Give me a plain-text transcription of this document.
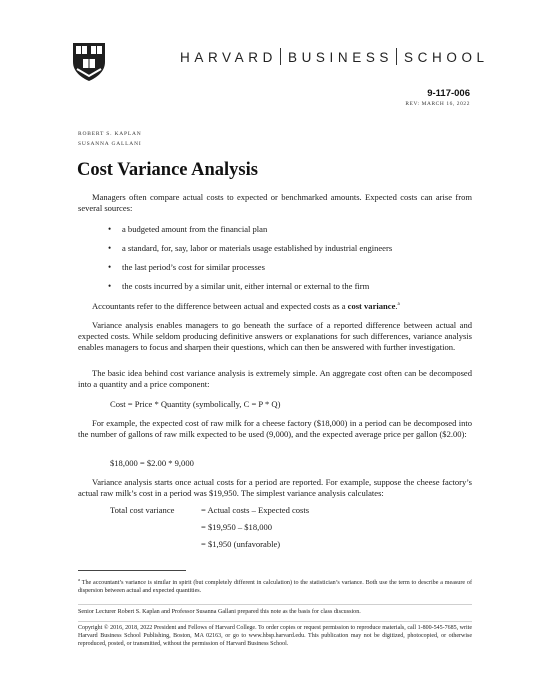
HARVARD BUSINESS SCHOOL
9-117-006
REV: MARCH 16, 2022
ROBERT S. KAPLAN
SUSANNA GALLANI
Cost Variance Analysis

Managers often compare actual costs to expected or benchmarked amounts. Expected costs can arise from several sources:

• a budgeted amount from the financial plan
• a standard, for, say, labor or materials usage established by industrial engineers
• the last period’s cost for similar processes
• the costs incurred by a similar unit, either internal or external to the firm

Accountants refer to the difference between actual and expected costs as a cost variance.$^a$

Variance analysis enables managers to go beneath the surface of a reported difference between actual and expected costs. While seldom producing definitive answers or explanations for such differences, variance analysis enables managers to focus and sharpen their questions, which can then be answered with further investigation.

The basic idea behind cost variance analysis is extremely simple. An aggregate cost often can be decomposed into a quantity and a price component:

Cost = Price * Quantity (symbolically, C = P * Q)

For example, the expected cost of raw milk for a cheese factory ($18,000) in a period can be decomposed into the number of gallons of raw milk expected to be used (9,000), and the expected average price per gallon ($2.00):

$18,000 = $2.00 * 9,000

Variance analysis starts once actual costs for a period are reported. For example, suppose the cheese factory’s actual raw milk’s cost in a period was $19,950. The simplest variance analysis calculates:

Total cost variance	= Actual costs – Expected costs
= $19,950 – $18,000
= $1,950 (unfavorable)
$^a$ The accountant’s variance is similar in spirit (but completely different in calculation) to the statistician’s variance. Both use the term to describe a measure of dispersion between actual and expected quantities.
Senior Lecturer Robert S. Kaplan and Professor Susanna Gallani prepared this note as the basis for class discussion.
Copyright © 2016, 2018, 2022 President and Fellows of Harvard College. To order copies or request permission to reproduce materials, call 1-800-545-7685, write Harvard Business School Publishing, Boston, MA 02163, or go to www.hbsp.harvard.edu. This publication may not be digitized, photocopied, or otherwise reproduced, posted, or transmitted, without the permission of Harvard Business School.
